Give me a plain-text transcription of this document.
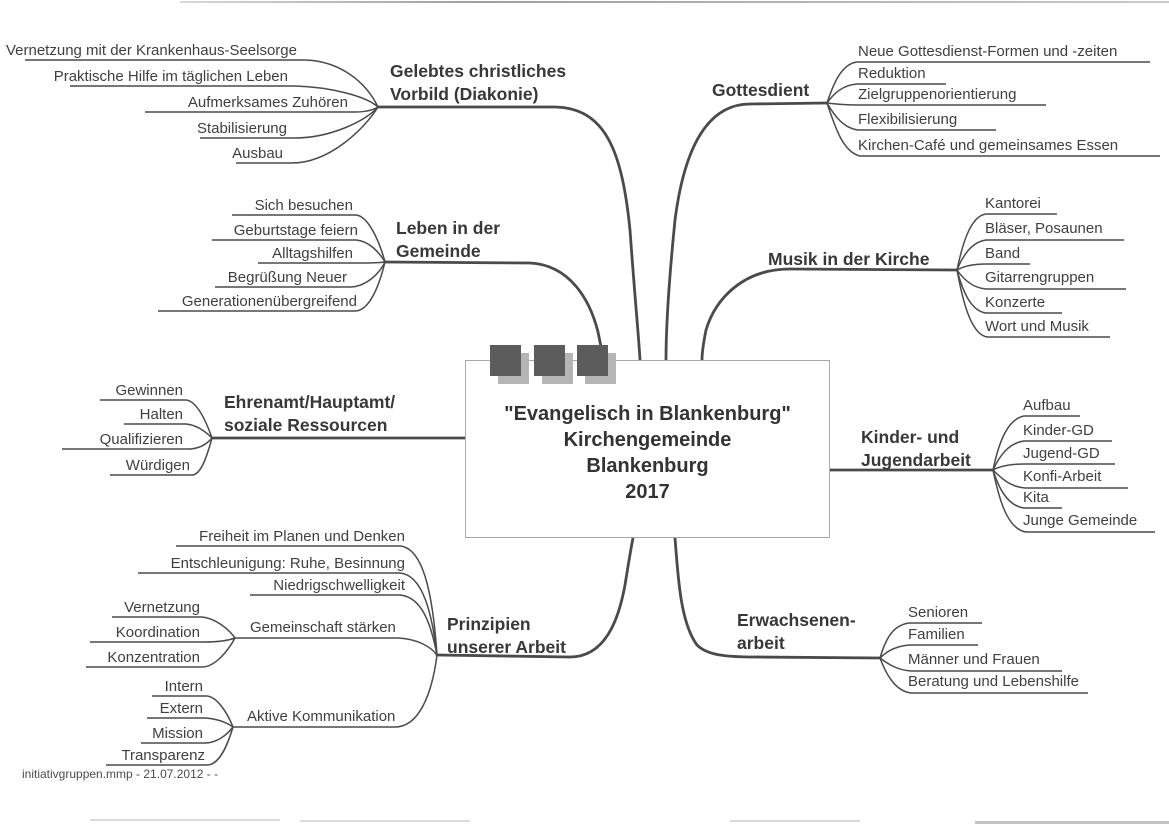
"Evangelisch in Blankenburg"
Kirchengemeinde
Blankenburg
2017
Gelebtes christliches
Vorbild (Diakonie)
Leben in der
Gemeinde
Ehrenamt/Hauptamt/
soziale Ressourcen
Prinzipien
unserer Arbeit
Gottesdient
Musik in der Kirche
Kinder- und
Jugendarbeit
Erwachsenen-
arbeit
Vernetzung mit der Krankenhaus-Seelsorge
Praktische Hilfe im täglichen Leben
Aufmerksames Zuhören
Stabilisierung
Ausbau
Sich besuchen
Geburtstage feiern
Alltagshilfen
Begrüßung Neuer
Generationenübergreifend
Gewinnen
Halten
Qualifizieren
Würdigen
Freiheit im Planen und Denken
Entschleunigung: Ruhe, Besinnung
Niedrigschwelligkeit
Gemeinschaft stärken
Vernetzung
Koordination
Konzentration
Aktive Kommunikation
Intern
Extern
Mission
Transparenz
Neue Gottesdienst-Formen und -zeiten
Reduktion
Zielgruppenorientierung
Flexibilisierung
Kirchen-Café und gemeinsames Essen
Kantorei
Bläser, Posaunen
Band
Gitarrengruppen
Konzerte
Wort und Musik
Aufbau
Kinder-GD
Jugend-GD
Konfi-Arbeit
Kita
Junge Gemeinde
Senioren
Familien
Männer und Frauen
Beratung und Lebenshilfe
initiativgruppen.mmp - 21.07.2012 - -
